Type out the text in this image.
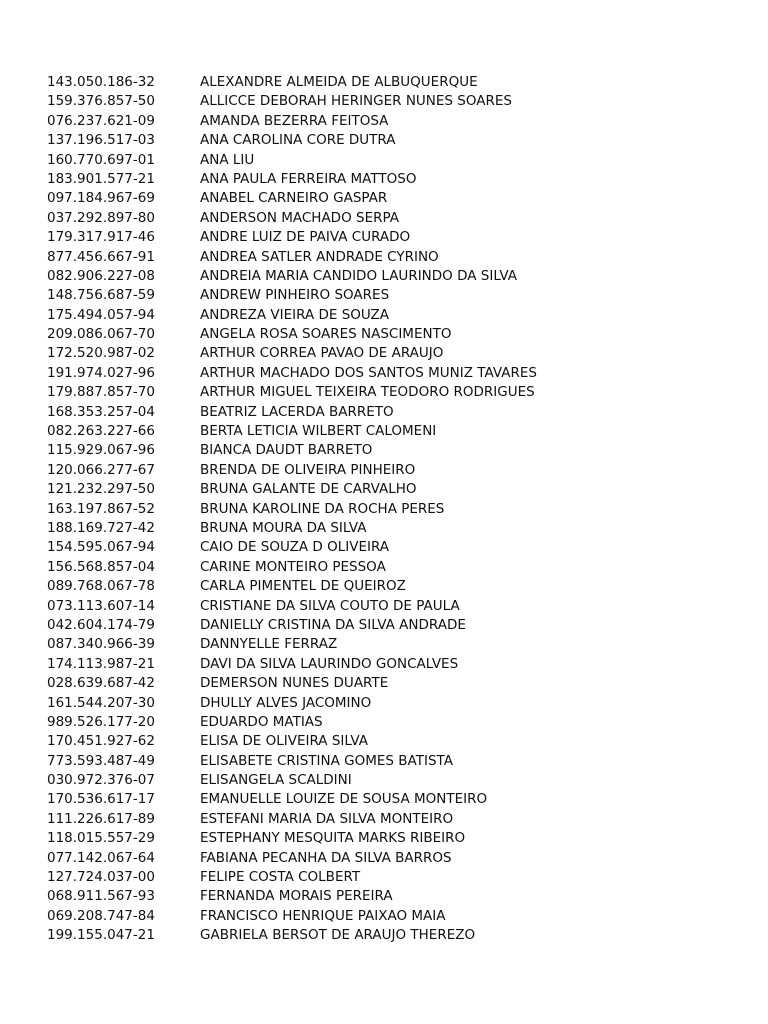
143.050.186-32	ALEXANDRE ALMEIDA DE ALBUQUERQUE
159.376.857-50	ALLICCE DEBORAH HERINGER NUNES SOARES
076.237.621-09	AMANDA BEZERRA FEITOSA
137.196.517-03	ANA CAROLINA CORE DUTRA
160.770.697-01	ANA LIU
183.901.577-21	ANA PAULA FERREIRA MATTOSO
097.184.967-69	ANABEL CARNEIRO GASPAR
037.292.897-80	ANDERSON MACHADO SERPA
179.317.917-46	ANDRE LUIZ DE PAIVA CURADO
877.456.667-91	ANDREA SATLER ANDRADE CYRINO
082.906.227-08	ANDREIA MARIA CANDIDO LAURINDO DA SILVA
148.756.687-59	ANDREW PINHEIRO SOARES
175.494.057-94	ANDREZA VIEIRA DE SOUZA
209.086.067-70	ANGELA ROSA SOARES NASCIMENTO
172.520.987-02	ARTHUR CORREA PAVAO DE ARAUJO
191.974.027-96	ARTHUR MACHADO DOS SANTOS MUNIZ TAVARES
179.887.857-70	ARTHUR MIGUEL TEIXEIRA TEODORO RODRIGUES
168.353.257-04	BEATRIZ LACERDA BARRETO
082.263.227-66	BERTA LETICIA WILBERT CALOMENI
115.929.067-96	BIANCA DAUDT BARRETO
120.066.277-67	BRENDA DE OLIVEIRA PINHEIRO
121.232.297-50	BRUNA GALANTE DE CARVALHO
163.197.867-52	BRUNA KAROLINE DA ROCHA PERES
188.169.727-42	BRUNA MOURA DA SILVA
154.595.067-94	CAIO DE SOUZA D OLIVEIRA
156.568.857-04	CARINE MONTEIRO PESSOA
089.768.067-78	CARLA PIMENTEL DE QUEIROZ
073.113.607-14	CRISTIANE DA SILVA COUTO DE PAULA
042.604.174-79	DANIELLY CRISTINA DA SILVA ANDRADE
087.340.966-39	DANNYELLE FERRAZ
174.113.987-21	DAVI DA SILVA LAURINDO GONCALVES
028.639.687-42	DEMERSON NUNES DUARTE
161.544.207-30	DHULLY ALVES JACOMINO
989.526.177-20	EDUARDO MATIAS
170.451.927-62	ELISA DE OLIVEIRA SILVA
773.593.487-49	ELISABETE CRISTINA GOMES BATISTA
030.972.376-07	ELISANGELA SCALDINI
170.536.617-17	EMANUELLE LOUIZE DE SOUSA MONTEIRO
111.226.617-89	ESTEFANI MARIA DA SILVA MONTEIRO
118.015.557-29	ESTEPHANY MESQUITA MARKS RIBEIRO
077.142.067-64	FABIANA PECANHA DA SILVA BARROS
127.724.037-00	FELIPE COSTA COLBERT
068.911.567-93	FERNANDA MORAIS PEREIRA
069.208.747-84	FRANCISCO HENRIQUE PAIXAO MAIA
199.155.047-21	GABRIELA BERSOT DE ARAUJO THEREZO
